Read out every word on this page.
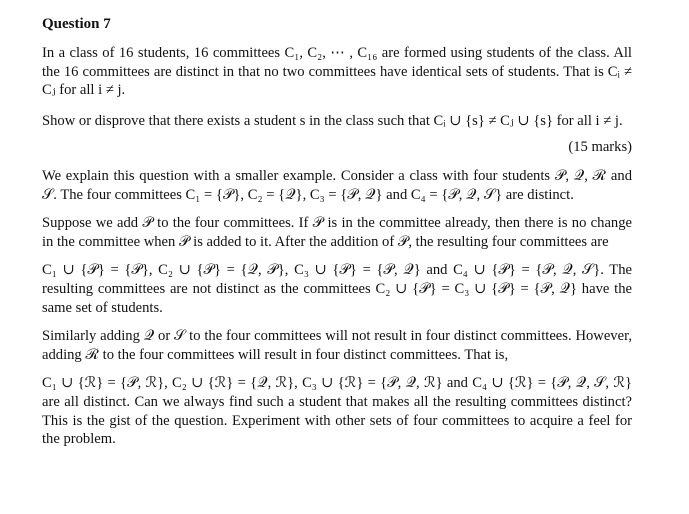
Question 7

In a class of 16 students, 16 committees C₁, C₂, ⋯ , C₁₆ are formed using students of the class. All the 16 committees are distinct in that no two committees have identical sets of students. That is Cᵢ ≠ Cⱼ for all i ≠ j.

Show or disprove that there exists a student s in the class such that Cᵢ ∪ {s} ≠ Cⱼ ∪ {s} for all i ≠ j.

(15 marks)

We explain this question with a smaller example. Consider a class with four students 𝒫, 𝒬, ℛ and 𝒮. The four committees C₁ = {𝒫}, C₂ = {𝒬}, C₃ = {𝒫, 𝒬} and C₄ = {𝒫, 𝒬, 𝒮} are distinct.

Suppose we add 𝒫 to the four committees. If 𝒫 is in the committee already, then there is no change in the committee when 𝒫 is added to it. After the addition of 𝒫, the resulting four committees are

C₁ ∪ {𝒫} = {𝒫}, C₂ ∪ {𝒫} = {𝒬, 𝒫}, C₃ ∪ {𝒫} = {𝒫, 𝒬} and C₄ ∪ {𝒫} = {𝒫, 𝒬, 𝒮}. The resulting committees are not distinct as the committees C₂ ∪ {𝒫} = C₃ ∪ {𝒫} = {𝒫, 𝒬} have the same set of students.

Similarly adding 𝒬 or 𝒮 to the four committees will not result in four distinct committees. However, adding ℛ to the four committees will result in four distinct committees. That is,

C₁ ∪ {ℛ} = {𝒫, ℛ}, C₂ ∪ {ℛ} = {𝒬, ℛ}, C₃ ∪ {ℛ} = {𝒫, 𝒬, ℛ} and C₄ ∪ {ℛ} = {𝒫, 𝒬, 𝒮, ℛ} are all distinct. Can we always find such a student that makes all the resulting committees distinct? This is the gist of the question. Experiment with other sets of four committees to acquire a feel for the problem.
